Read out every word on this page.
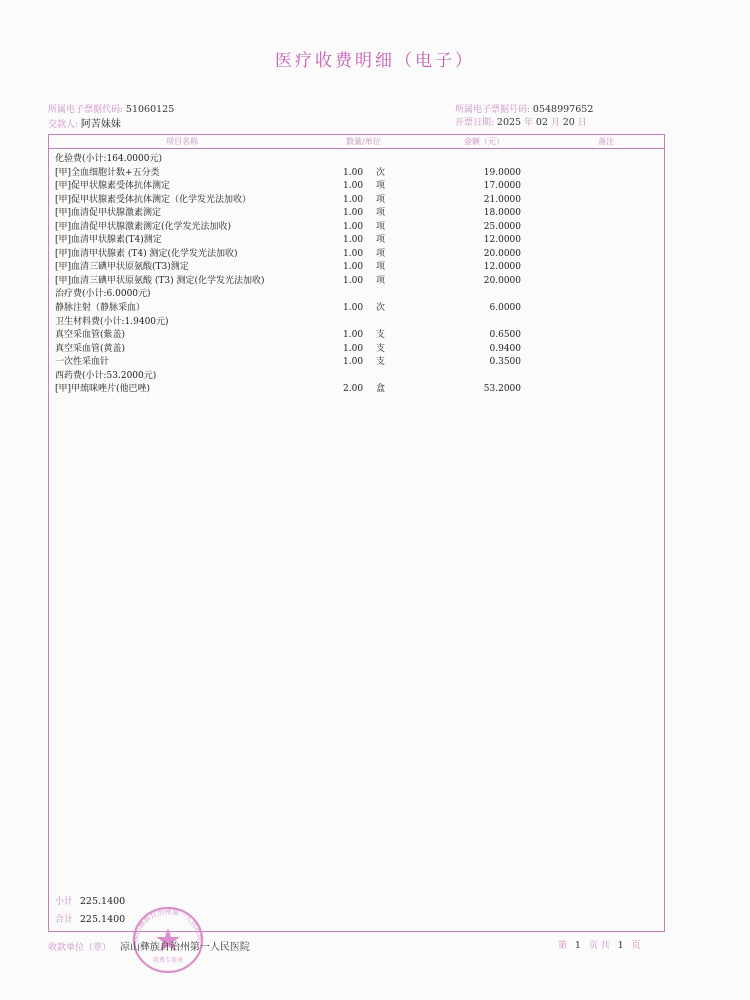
医疗收费明细（电子）
所属电子票据代码: 51060125	所属电子票据号码: 0548997652
交款人: 阿苦妹妹	开票日期: 2025 年 02 月 20 日
项目名称	数量/单位	金额（元）	备注
化验费(小计:164.0000元)
[甲]全血细胞计数+五分类	1.00 次	19.0000
[甲]促甲状腺素受体抗体测定	1.00 项	17.0000
[甲]促甲状腺素受体抗体测定（化学发光法加收）	1.00 项	21.0000
[甲]血清促甲状腺激素测定	1.00 项	18.0000
[甲]血清促甲状腺激素测定(化学发光法加收)	1.00 项	25.0000
[甲]血清甲状腺素(T4)测定	1.00 项	12.0000
[甲]血清甲状腺素 (T4) 测定(化学发光法加收)	1.00 项	20.0000
[甲]血清三碘甲状原氨酸(T3)测定	1.00 项	12.0000
[甲]血清三碘甲状原氨酸 (T3) 测定(化学发光法加收)	1.00 项	20.0000
治疗费(小计:6.0000元)
静脉注射（静脉采血）	1.00 次	6.0000
卫生材料费(小计:1.9400元)
真空采血管(紫盖)	1.00 支	0.6500
真空采血管(黄盖)	1.00 支	0.9400
一次性采血针	1.00 支	0.3500
西药费(小计:53.2000元)
[甲]甲巯咪唑片(他巴唑)	2.00 盒	53.2000
小计 225.1400
合计 225.1400
凉山彝族自治州第一人民医院
收费专用章
收款单位（章） 凉山彝族自治州第一人民医院	第 1 页 共 1 页
